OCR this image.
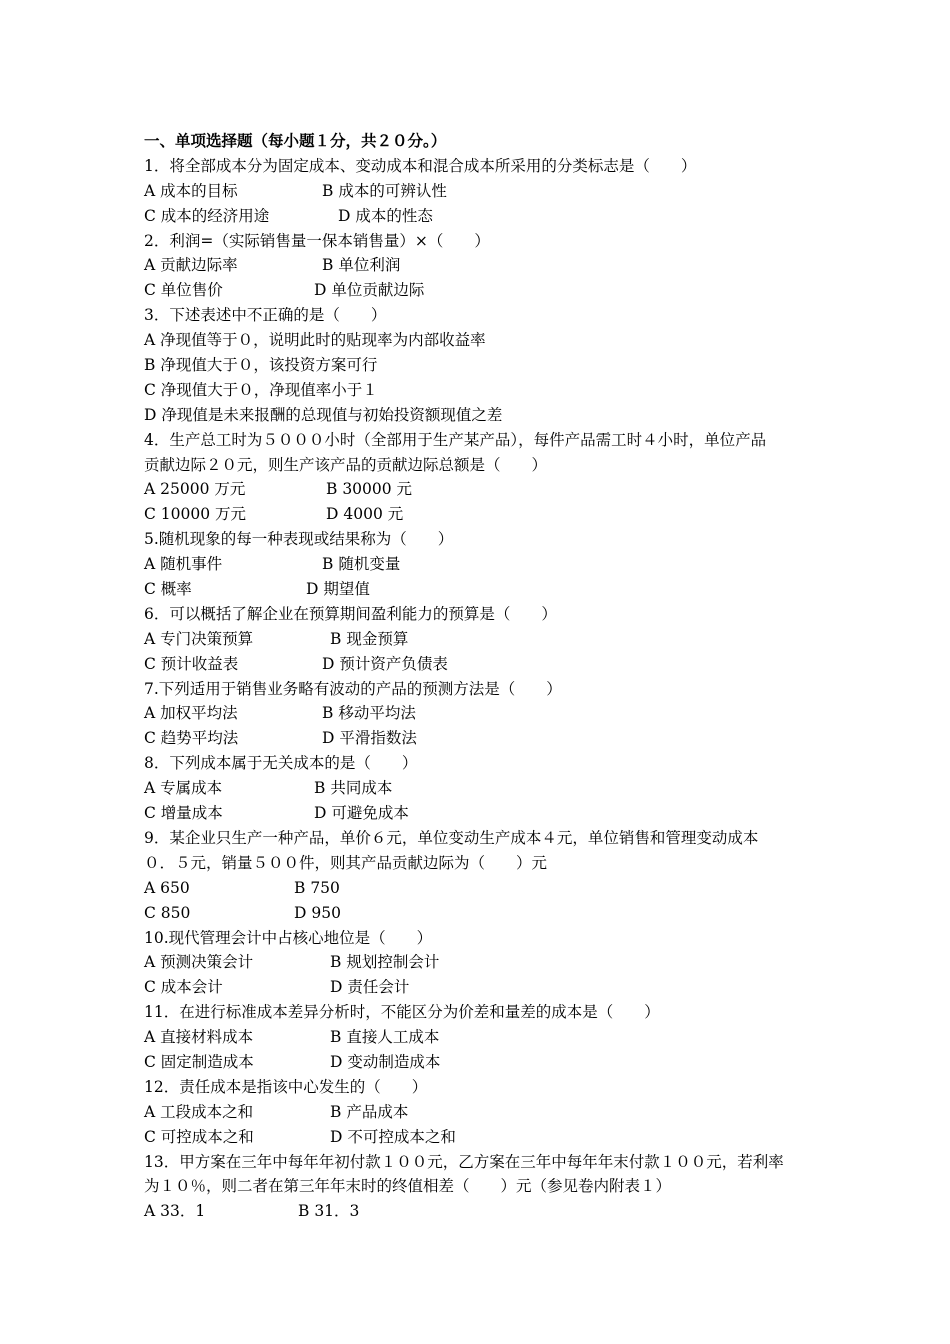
一、单项选择题（每小题１分，共２０分。）
1．将全部成本分为固定成本、变动成本和混合成本所采用的分类标志是（　　）
A 成本的目标	B 成本的可辨认性
C 成本的经济用途	D 成本的性态
2．利润=（实际销售量一保本销售量）×（　　）
A 贡献边际率	B 单位利润
C 单位售价	D 单位贡献边际
3．下述表述中不正确的是（　　）
A 净现值等于０，说明此时的贴现率为内部收益率
B 净现值大于０，该投资方案可行
C 净现值大于０，净现值率小于１
D 净现值是未来报酬的总现值与初始投资额现值之差
4．生产总工时为５０００小时（全部用于生产某产品），每件产品需工时４小时，单位产品
贡献边际２０元，则生产该产品的贡献边际总额是（　　）
A 25000 万元	B 30000 元
C 10000 万元	D 4000 元
5.随机现象的每一种表现或结果称为（　　）
A 随机事件	B 随机变量
C 概率	D 期望值
6．可以概括了解企业在预算期间盈利能力的预算是（　　）
A 专门决策预算	B 现金预算
C 预计收益表	D 预计资产负债表
7.下列适用于销售业务略有波动的产品的预测方法是（　　）
A 加权平均法	B 移动平均法
C 趋势平均法	D 平滑指数法
8．下列成本属于无关成本的是（　　）
A 专属成本	B 共同成本
C 增量成本	D 可避免成本
9．某企业只生产一种产品，单价６元，单位变动生产成本４元，单位销售和管理变动成本
０．５元，销量５００件，则其产品贡献边际为（　　）元
A 650	B 750
C 850	D 950
10.现代管理会计中占核心地位是（　　）
A 预测决策会计	B 规划控制会计
C 成本会计	D 责任会计
11．在进行标准成本差异分析时，不能区分为价差和量差的成本是（　　）
A 直接材料成本	B 直接人工成本
C 固定制造成本	D 变动制造成本
12．责任成本是指该中心发生的（　　）
A 工段成本之和	B 产品成本
C 可控成本之和	D 不可控成本之和
13．甲方案在三年中每年年初付款１００元，乙方案在三年中每年年末付款１００元，若利率
为１０％，则二者在第三年年末时的终值相差（　　）元（参见卷内附表１）
A 33．1	B 31．3
